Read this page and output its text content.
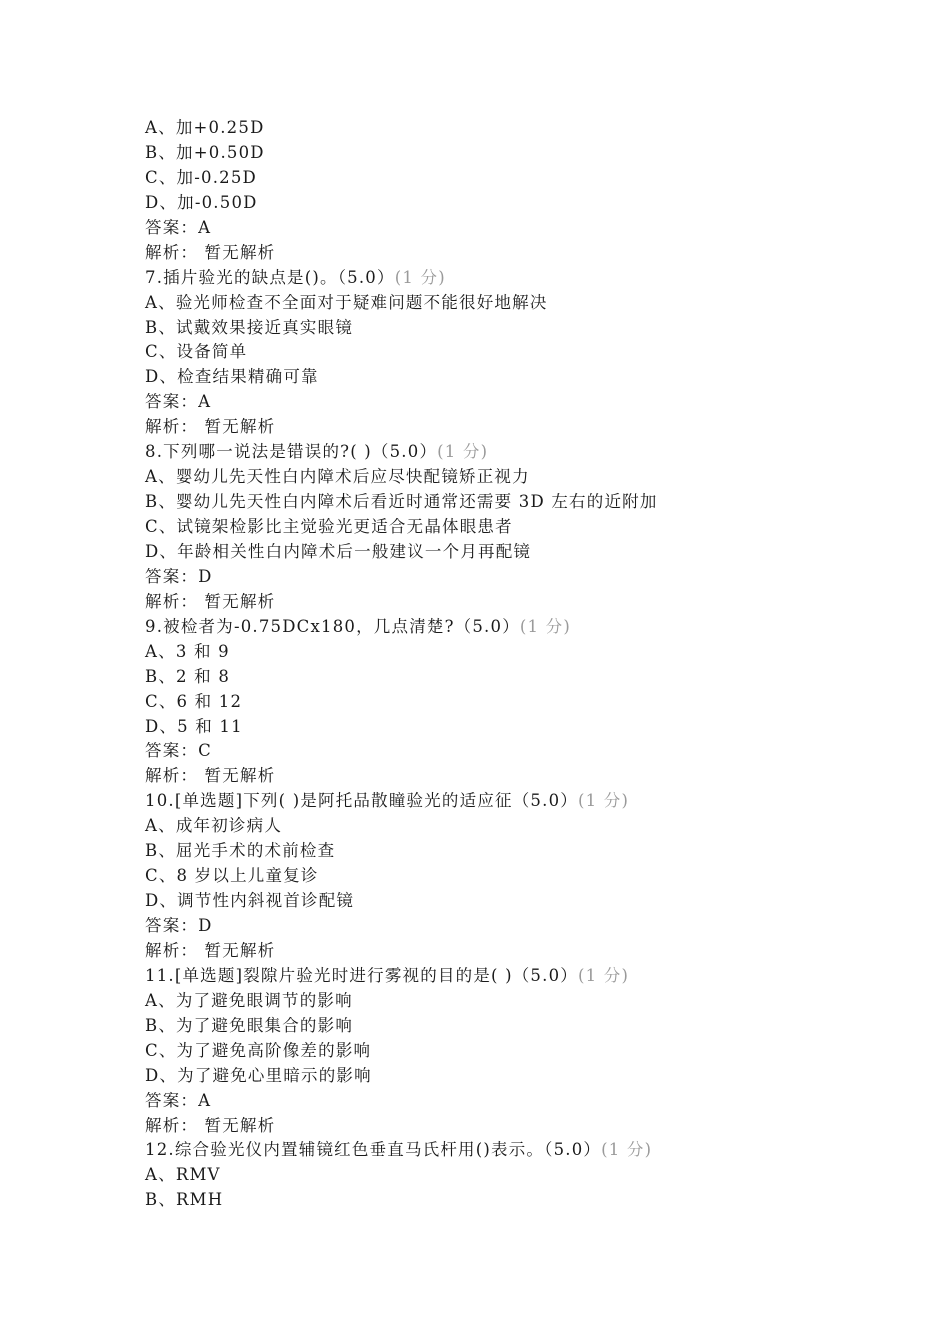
A、加+0.25D
B、加+0.50D
C、加-0.25D
D、加-0.50D
答案：A
解析： 暂无解析
7.插片验光的缺点是()。（5.0）(1 分)
A、验光师检查不全面对于疑难问题不能很好地解决
B、试戴效果接近真实眼镜
C、设备简单
D、检查结果精确可靠
答案：A
解析： 暂无解析
8.下列哪一说法是错误的?( )（5.0）(1 分)
A、婴幼儿先天性白内障术后应尽快配镜矫正视力
B、婴幼儿先天性白内障术后看近时通常还需要 3D 左右的近附加
C、试镜架检影比主觉验光更适合无晶体眼患者
D、年龄相关性白内障术后一般建议一个月再配镜
答案：D
解析： 暂无解析
9.被检者为-0.75DCx180，几点清楚?（5.0）(1 分)
A、3 和 9
B、2 和 8
C、6 和 12
D、5 和 11
答案：C
解析： 暂无解析
10.[单选题]下列( )是阿托品散瞳验光的适应征（5.0）(1 分)
A、成年初诊病人
B、屈光手术的术前检查
C、8 岁以上儿童复诊
D、调节性内斜视首诊配镜
答案：D
解析： 暂无解析
11.[单选题]裂隙片验光时进行雾视的目的是( )（5.0）(1 分)
A、为了避免眼调节的影响
B、为了避免眼集合的影响
C、为了避免高阶像差的影响
D、为了避免心里暗示的影响
答案：A
解析： 暂无解析
12.综合验光仪内置辅镜红色垂直马氏杆用()表示。（5.0）(1 分)
A、RMV
B、RMH
